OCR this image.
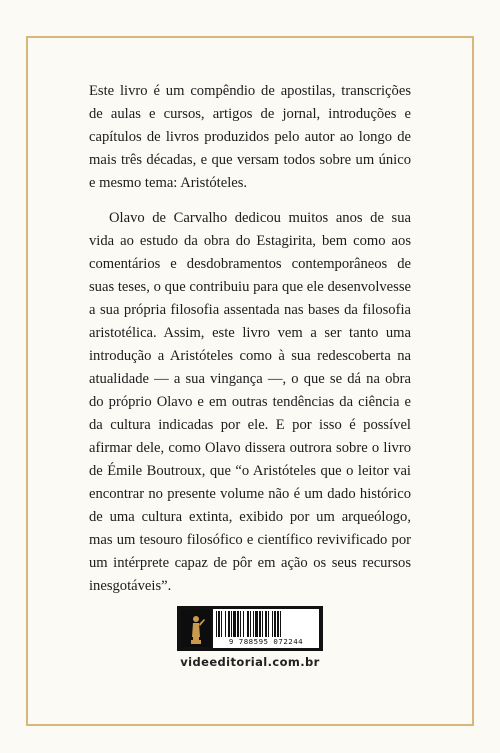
Este livro é um compêndio de apostilas, transcrições de aulas e cursos, artigos de jornal, introduções e capítulos de livros produzidos pelo autor ao longo de mais três décadas, e que versam todos sobre um único e mesmo tema: Aristóteles.

Olavo de Carvalho dedicou muitos anos de sua vida ao estudo da obra do Estagirita, bem como aos comentários e desdobramentos contemporâneos de suas teses, o que contribuiu para que ele desenvolvesse a sua própria filosofia assentada nas bases da filosofia aristotélica. Assim, este livro vem a ser tanto uma introdução a Aristóteles como à sua redescoberta na atualidade — a sua vingança —, o que se dá na obra do próprio Olavo e em outras tendências da ciência e da cultura indicadas por ele. E por isso é possível afirmar dele, como Olavo dissera outrora sobre o livro de Émile Boutroux, que “o Aristóteles que o leitor vai encontrar no presente volume não é um dado histórico de uma cultura extinta, exibido por um arqueólogo, mas um tesouro filosófico e científico revivificado por um intérprete capaz de pôr em ação os seus recursos inesgotáveis”.

9 788595 072244
videeditorial.com.br
